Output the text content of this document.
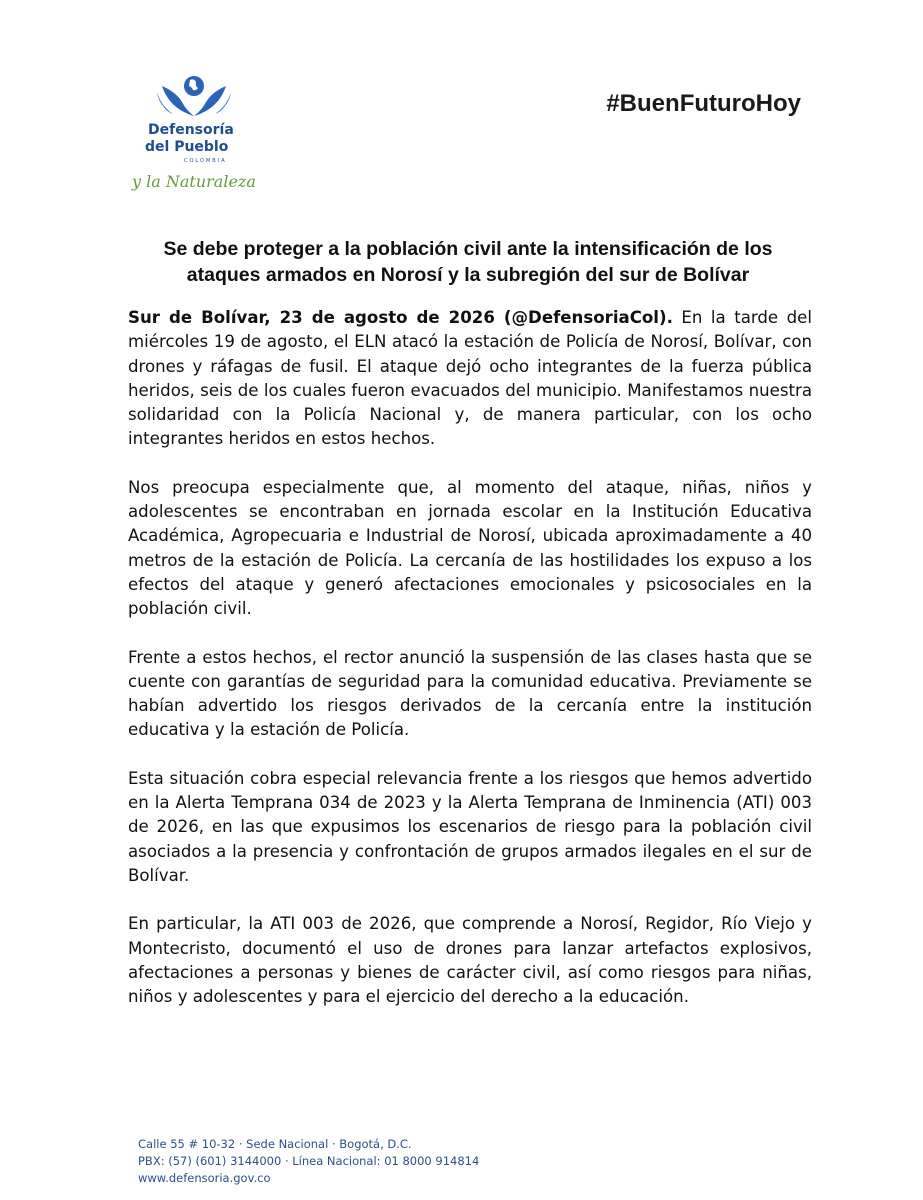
Defensoría
del Pueblo
COLOMBIA
y la Naturaleza
#BuenFuturoHoy
Se debe proteger a la población civil ante la intensificación de los ataques armados en Norosí y la subregión del sur de Bolívar

Sur de Bolívar, 23 de agosto de 2026 (@DefensoriaCol). En la tarde del miércoles 19 de agosto, el ELN atacó la estación de Policía de Norosí, Bolívar, con drones y ráfagas de fusil. El ataque dejó ocho integrantes de la fuerza pública heridos, seis de los cuales fueron evacuados del municipio. Manifestamos nuestra solidaridad con la Policía Nacional y, de manera particular, con los ocho integrantes heridos en estos hechos.

Nos preocupa especialmente que, al momento del ataque, niñas, niños y adolescentes se encontraban en jornada escolar en la Institución Educativa Académica, Agropecuaria e Industrial de Norosí, ubicada aproximadamente a 40 metros de la estación de Policía. La cercanía de las hostilidades los expuso a los efectos del ataque y generó afectaciones emocionales y psicosociales en la población civil.

Frente a estos hechos, el rector anunció la suspensión de las clases hasta que se cuente con garantías de seguridad para la comunidad educativa. Previamente se habían advertido los riesgos derivados de la cercanía entre la institución educativa y la estación de Policía.

Esta situación cobra especial relevancia frente a los riesgos que hemos advertido en la Alerta Temprana 034 de 2023 y la Alerta Temprana de Inminencia (ATI) 003 de 2026, en las que expusimos los escenarios de riesgo para la población civil asociados a la presencia y confrontación de grupos armados ilegales en el sur de Bolívar.

En particular, la ATI 003 de 2026, que comprende a Norosí, Regidor, Río Viejo y Montecristo, documentó el uso de drones para lanzar artefactos explosivos, afectaciones a personas y bienes de carácter civil, así como riesgos para niñas, niños y adolescentes y para el ejercicio del derecho a la educación.

Calle 55 # 10-32 · Sede Nacional · Bogotá, D.C.
PBX: (57) (601) 3144000 · Línea Nacional: 01 8000 914814
www.defensoria.gov.co
